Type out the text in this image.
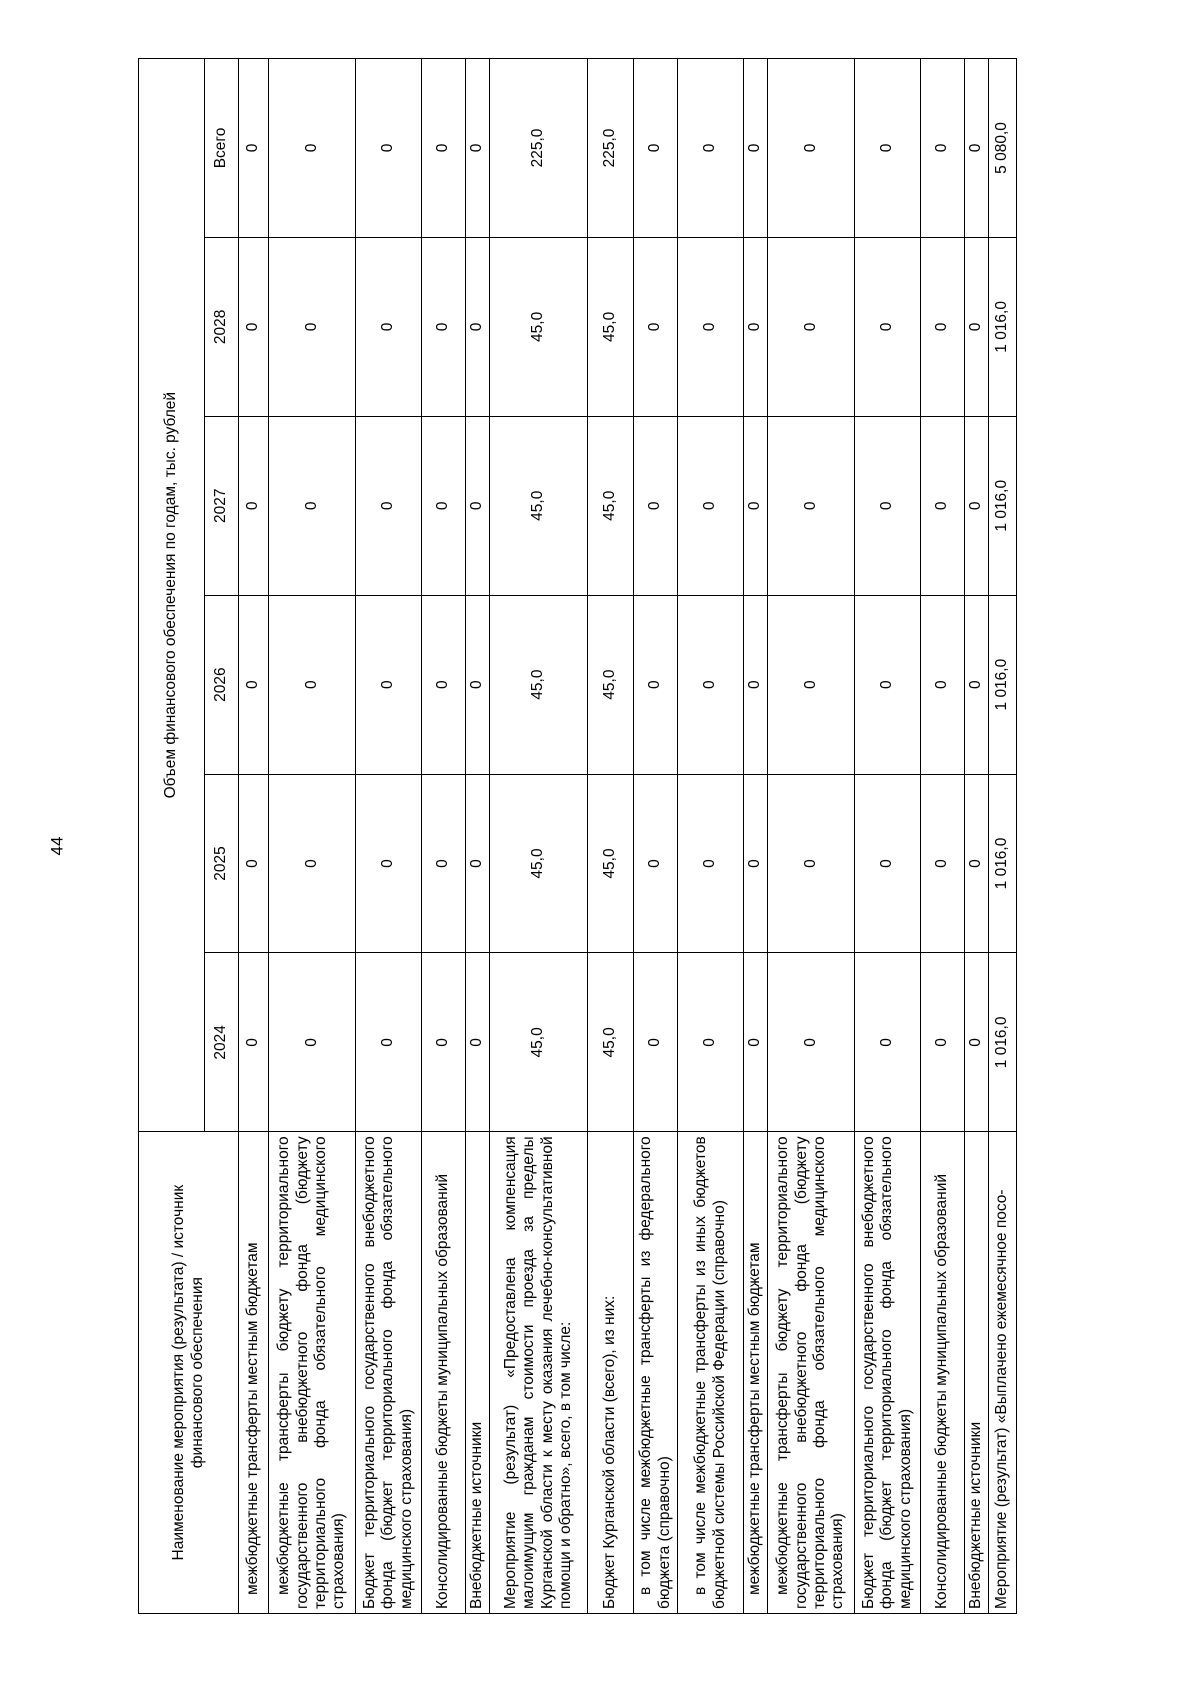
44
Наименование мероприятия (результата) / источник финансового обеспечения	Объем финансового обеспечения по годам, тыс. рублей					
	2024	2025	2026	2027	2028	Всего
межбюджетные трансферты местным бюджетам	0	0	0	0	0	0
межбюджетные трансферты бюджету территориального государственного внебюджетного фонда (бюджету территориального фонда обязательного медицинского страхования)	0	0	0	0	0	0
Бюджет территориального государственного внебюджетного фонда (бюджет территориального фонда обязательного медицинского страхования)	0	0	0	0	0	0
Консолидированные бюджеты муниципальных образований	0	0	0	0	0	0
Внебюджетные источники	0	0	0	0	0	0
Мероприятие (результат) «Предоставлена компенсация малоимущим гражданам стоимости проезда за пределы Курганской области к месту оказания лечебно-консультативной помощи и обратно», всего, в том числе:	45,0	45,0	45,0	45,0	45,0	225,0
Бюджет Курганской области (всего), из них:	45,0	45,0	45,0	45,0	45,0	225,0
в том числе межбюджетные трансферты из федерального бюджета (справочно)	0	0	0	0	0	0
в том числе межбюджетные трансферты из иных бюджетов бюджетной системы Российской Федерации (справочно)	0	0	0	0	0	0
межбюджетные трансферты местным бюджетам	0	0	0	0	0	0
межбюджетные трансферты бюджету территориального государственного внебюджетного фонда (бюджету территориального фонда обязательного медицинского страхования)	0	0	0	0	0	0
Бюджет территориального государственного внебюджетного фонда (бюджет территориального фонда обязательного медицинского страхования)	0	0	0	0	0	0
Консолидированные бюджеты муниципальных образований	0	0	0	0	0	0
Внебюджетные источники	0	0	0	0	0	0
Мероприятие (результат) «Выплачено ежемесячное посо-	1 016,0	1 016,0	1 016,0	1 016,0	1 016,0	5 080,0
